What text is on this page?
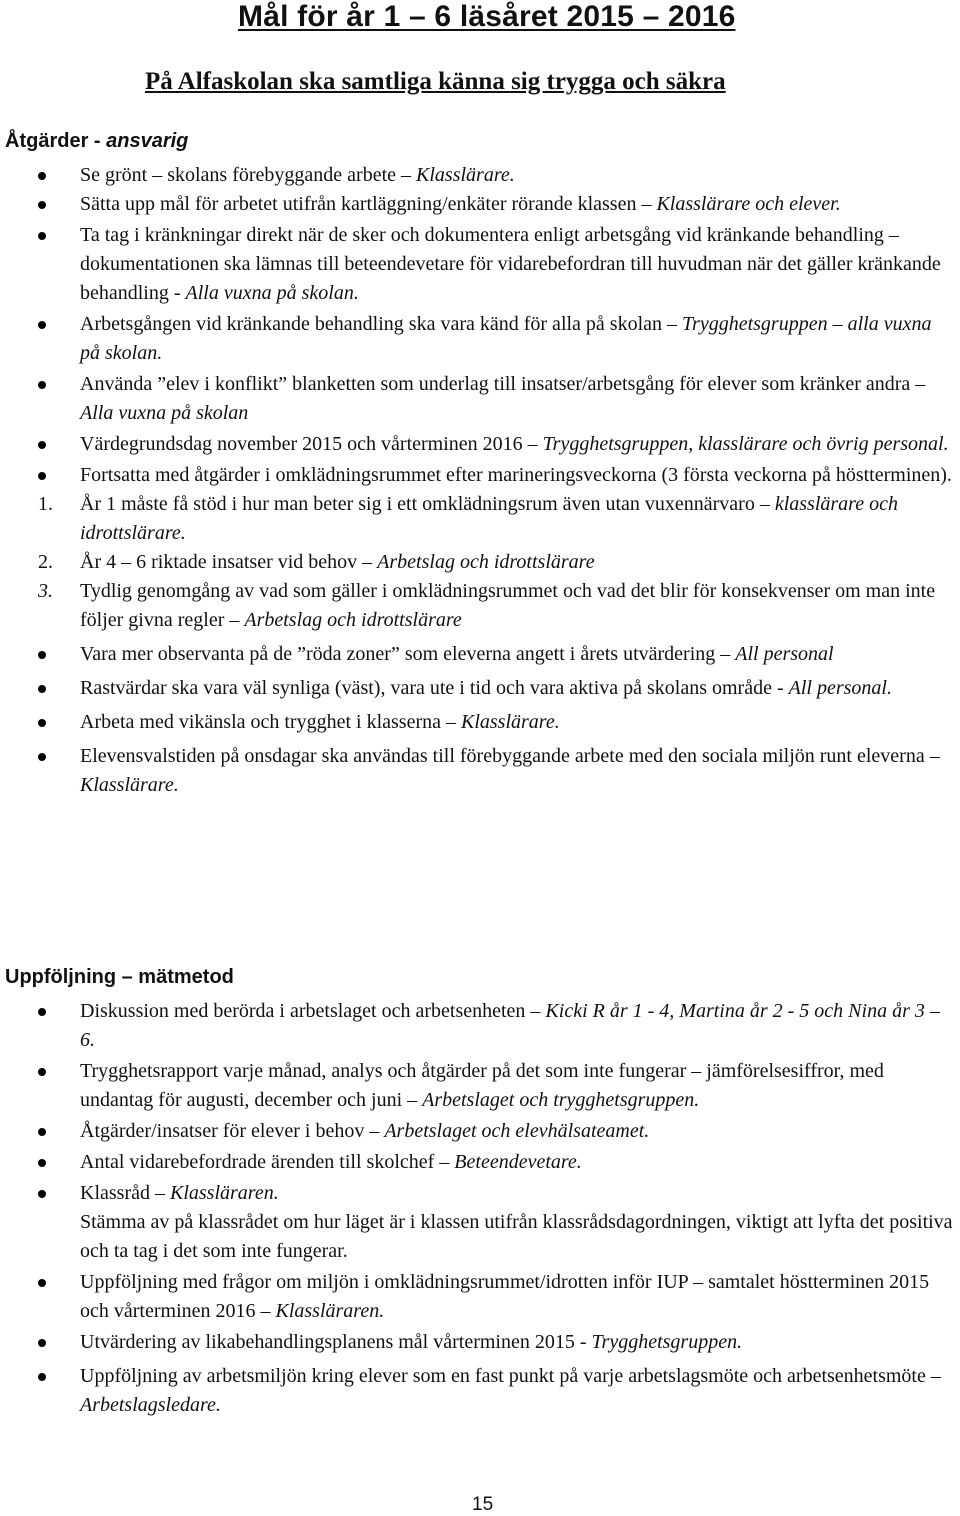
Mål för år 1 – 6 läsåret 2015 – 2016
På Alfaskolan ska samtliga känna sig trygga och säkra
Åtgärder - ansvarig
Se grönt – skolans förebyggande arbete – Klasslärare.
Sätta upp mål för arbetet utifrån kartläggning/enkäter rörande klassen – Klasslärare och elever.
Ta tag i kränkningar direkt när de sker och dokumentera enligt arbetsgång vid kränkande behandling – dokumentationen ska lämnas till beteendevetare för vidarebefordran till huvudman när det gäller kränkande behandling - Alla vuxna på skolan.
Arbetsgången vid kränkande behandling ska vara känd för alla på skolan – Trygghetsgruppen – alla vuxna på skolan.
Använda ”elev i konflikt” blanketten som underlag till insatser/arbetsgång för elever som kränker andra – Alla vuxna på skolan
Värdegrundsdag november 2015 och vårterminen 2016 – Trygghetsgruppen, klasslärare och övrig personal.
Fortsatta med åtgärder i omklädningsrummet efter marineringsveckorna (3 första veckorna på höstterminen).
1. År 1 måste få stöd i hur man beter sig i ett omklädningsrum även utan vuxennärvaro – klasslärare och idrottslärare.
2. År 4 – 6 riktade insatser vid behov – Arbetslag och idrottslärare
3. Tydlig genomgång av vad som gäller i omklädningsrummet och vad det blir för konsekvenser om man inte följer givna regler – Arbetslag och idrottslärare
Vara mer observanta på de ”röda zoner” som eleverna angett i årets utvärdering – All personal
Rastvärdar ska vara väl synliga (väst), vara ute i tid och vara aktiva på skolans område - All personal.
Arbeta med vikänsla och trygghet i klasserna – Klasslärare.
Elevensvalstiden på onsdagar ska användas till förebyggande arbete med den sociala miljön runt eleverna – Klasslärare.
Uppföljning – mätmetod
Diskussion med berörda i arbetslaget och arbetsenheten – Kicki R år 1 - 4, Martina år 2 - 5 och Nina år 3 – 6.
Trygghetsrapport varje månad, analys och åtgärder på det som inte fungerar – jämförelsesiffror, med undantag för augusti, december och juni – Arbetslaget och trygghetsgruppen.
Åtgärder/insatser för elever i behov – Arbetslaget och elevhälsateamet.
Antal vidarebefordrade ärenden till skolchef – Beteendevetare.
Klassråd – Klassläraren.
Stämma av på klassrådet om hur läget är i klassen utifrån klassrådsdagordningen, viktigt att lyfta det positiva och ta tag i det som inte fungerar.
Uppföljning med frågor om miljön i omklädningsrummet/idrotten inför IUP – samtalet höstterminen 2015 och vårterminen 2016 – Klassläraren.
Utvärdering av likabehandlingsplanens mål vårterminen 2015 - Trygghetsgruppen.
Uppföljning av arbetsmiljön kring elever som en fast punkt på varje arbetslagsmöte och arbetsenhetsmöte – Arbetslagsledare.

15
